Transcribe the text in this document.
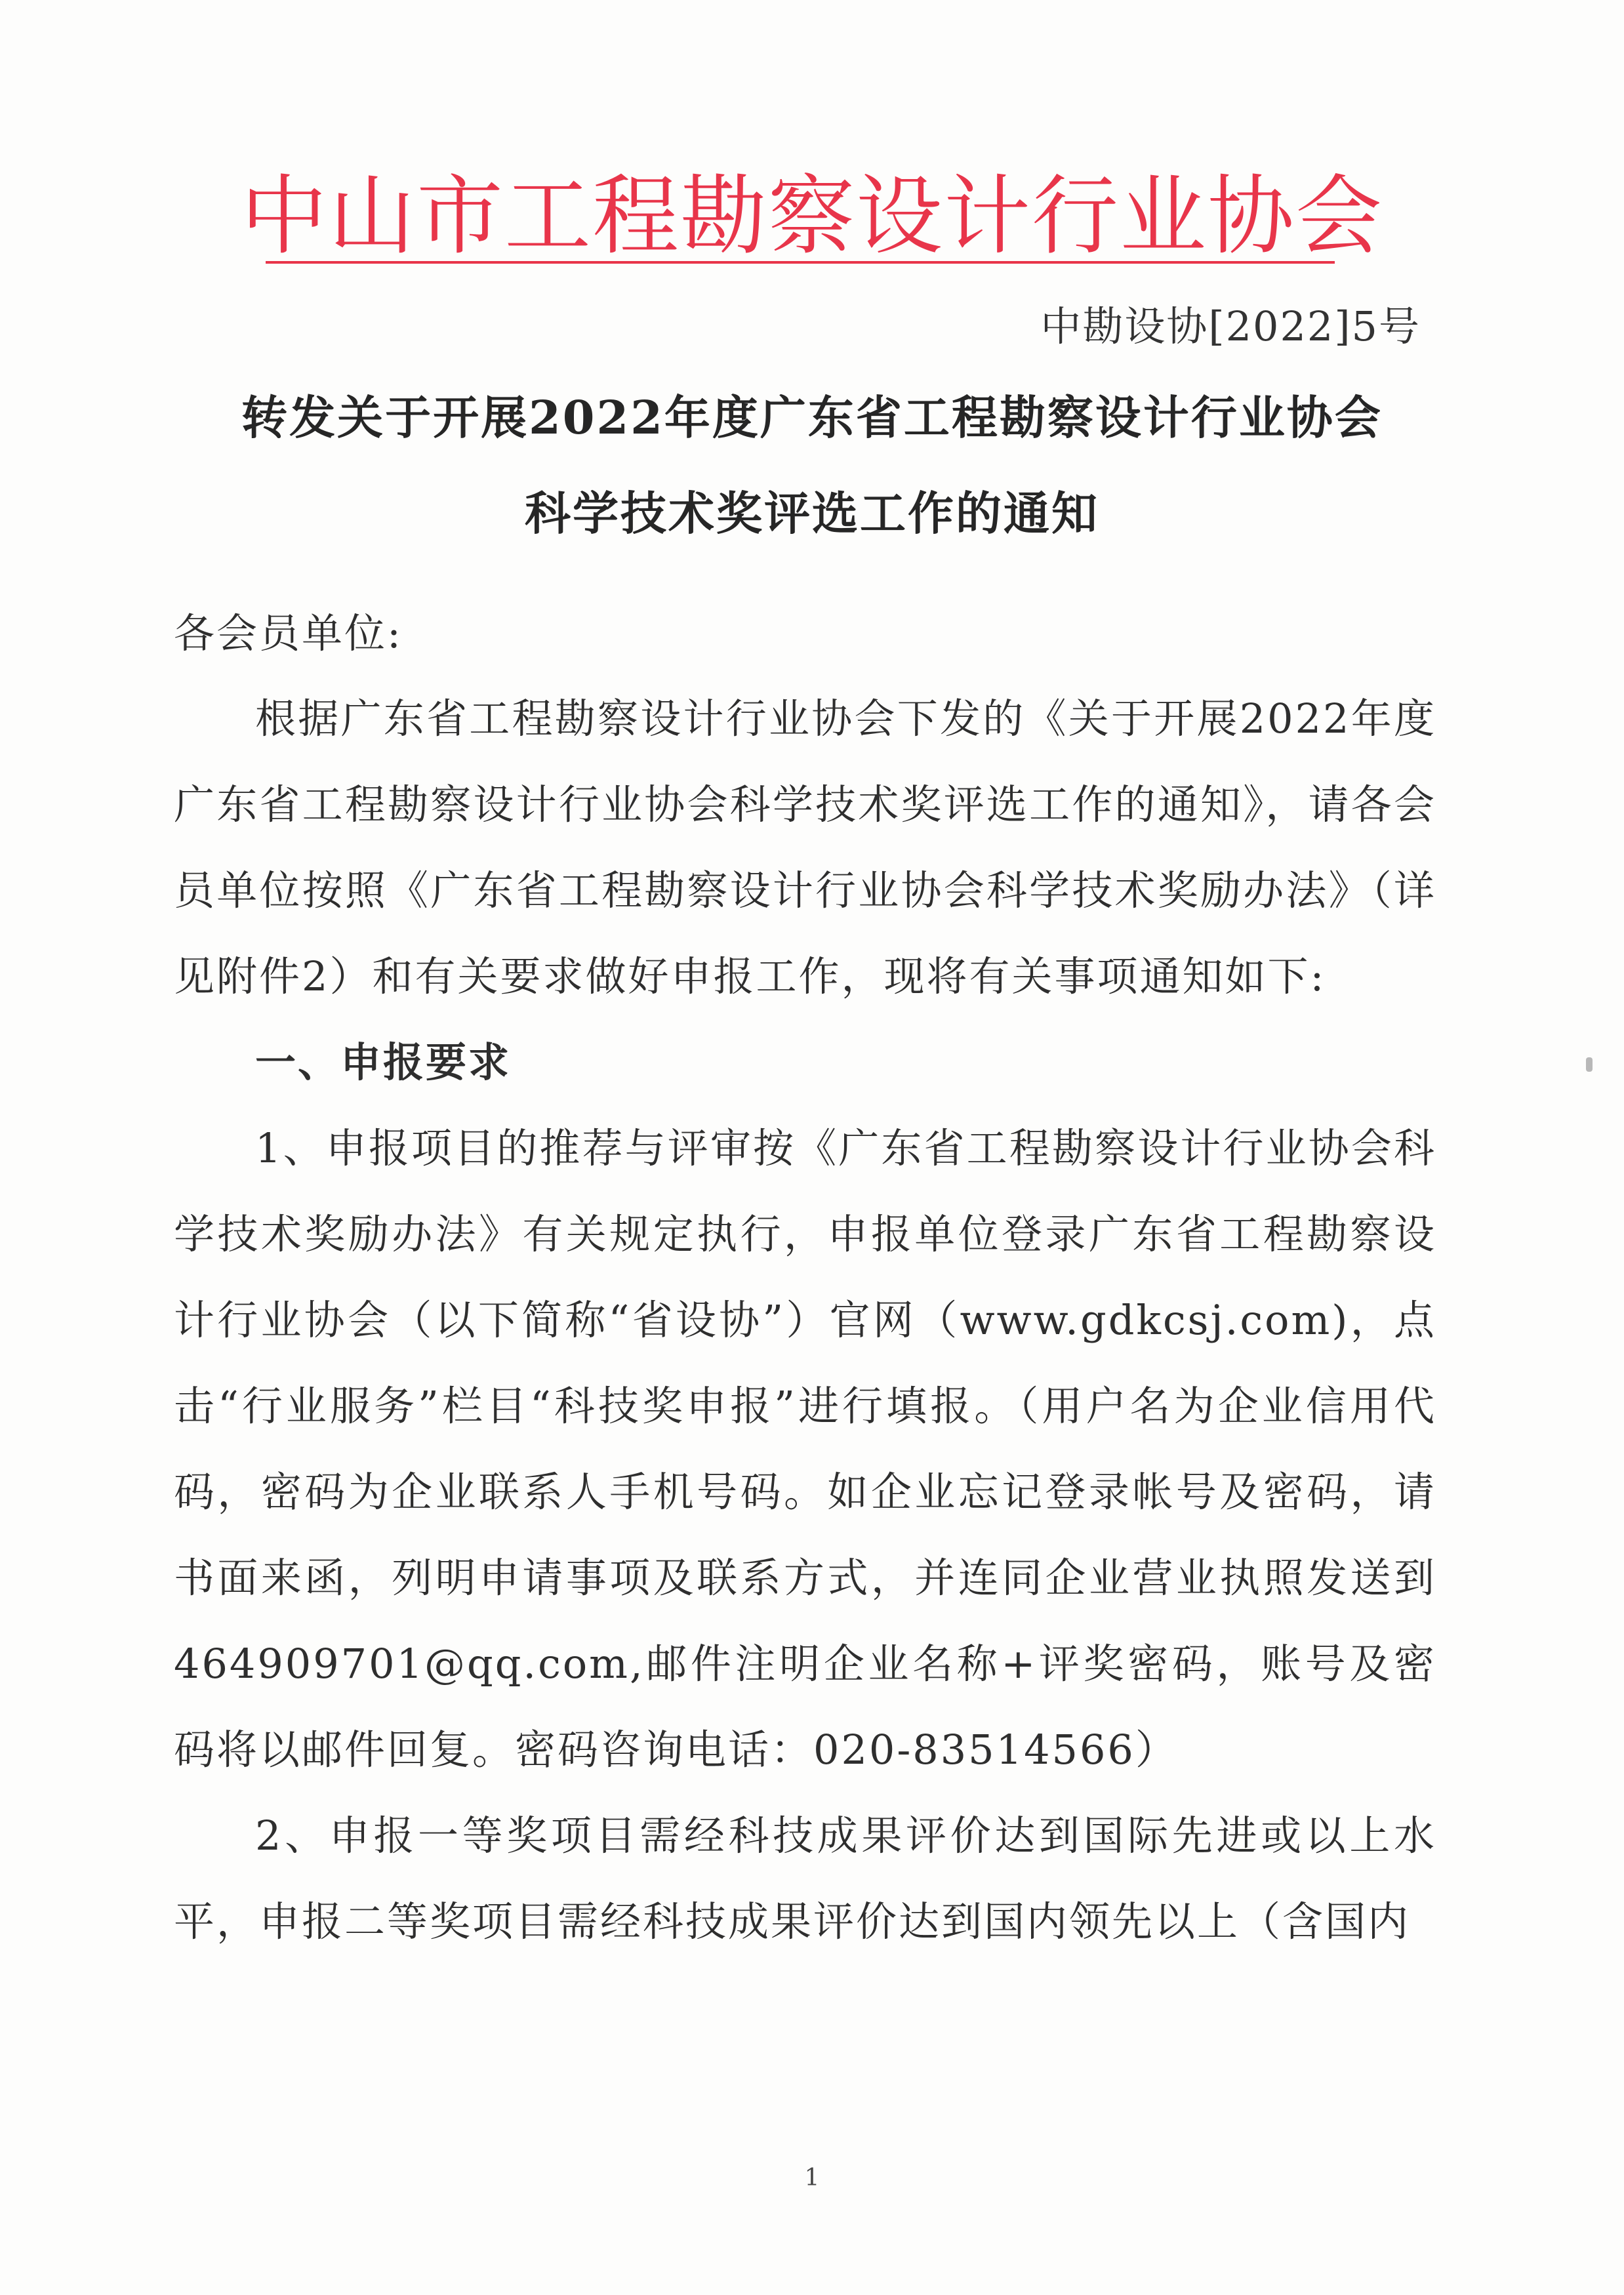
中山市工程勘察设计行业协会
中勘设协[2022]5号
转发关于开展2022年度广东省工程勘察设计行业协会
科学技术奖评选工作的通知

各会员单位:

根据广东省工程勘察设计行业协会下发的《关于开展2022年度广东省工程勘察设计行业协会科学技术奖评选工作的通知》，请各会员单位按照《广东省工程勘察设计行业协会科学技术奖励办法》（详见附件2）和有关要求做好申报工作，现将有关事项通知如下:

一、申报要求

1、申报项目的推荐与评审按《广东省工程勘察设计行业协会科学技术奖励办法》有关规定执行，申报单位登录广东省工程勘察设计行业协会（以下简称“省设协”）官网（www.gdkcsj.com)，点击“行业服务”栏目“科技奖申报”进行填报。（用户名为企业信用代码，密码为企业联系人手机号码。如企业忘记登录帐号及密码，请书面来函，列明申请事项及联系方式，并连同企业营业执照发送到464909701@qq.com,邮件注明企业名称+评奖密码，账号及密码将以邮件回复。密码咨询电话：020-83514566）

2、申报一等奖项目需经科技成果评价达到国际先进或以上水平，申报二等奖项目需经科技成果评价达到国内领先以上（含国内

1
